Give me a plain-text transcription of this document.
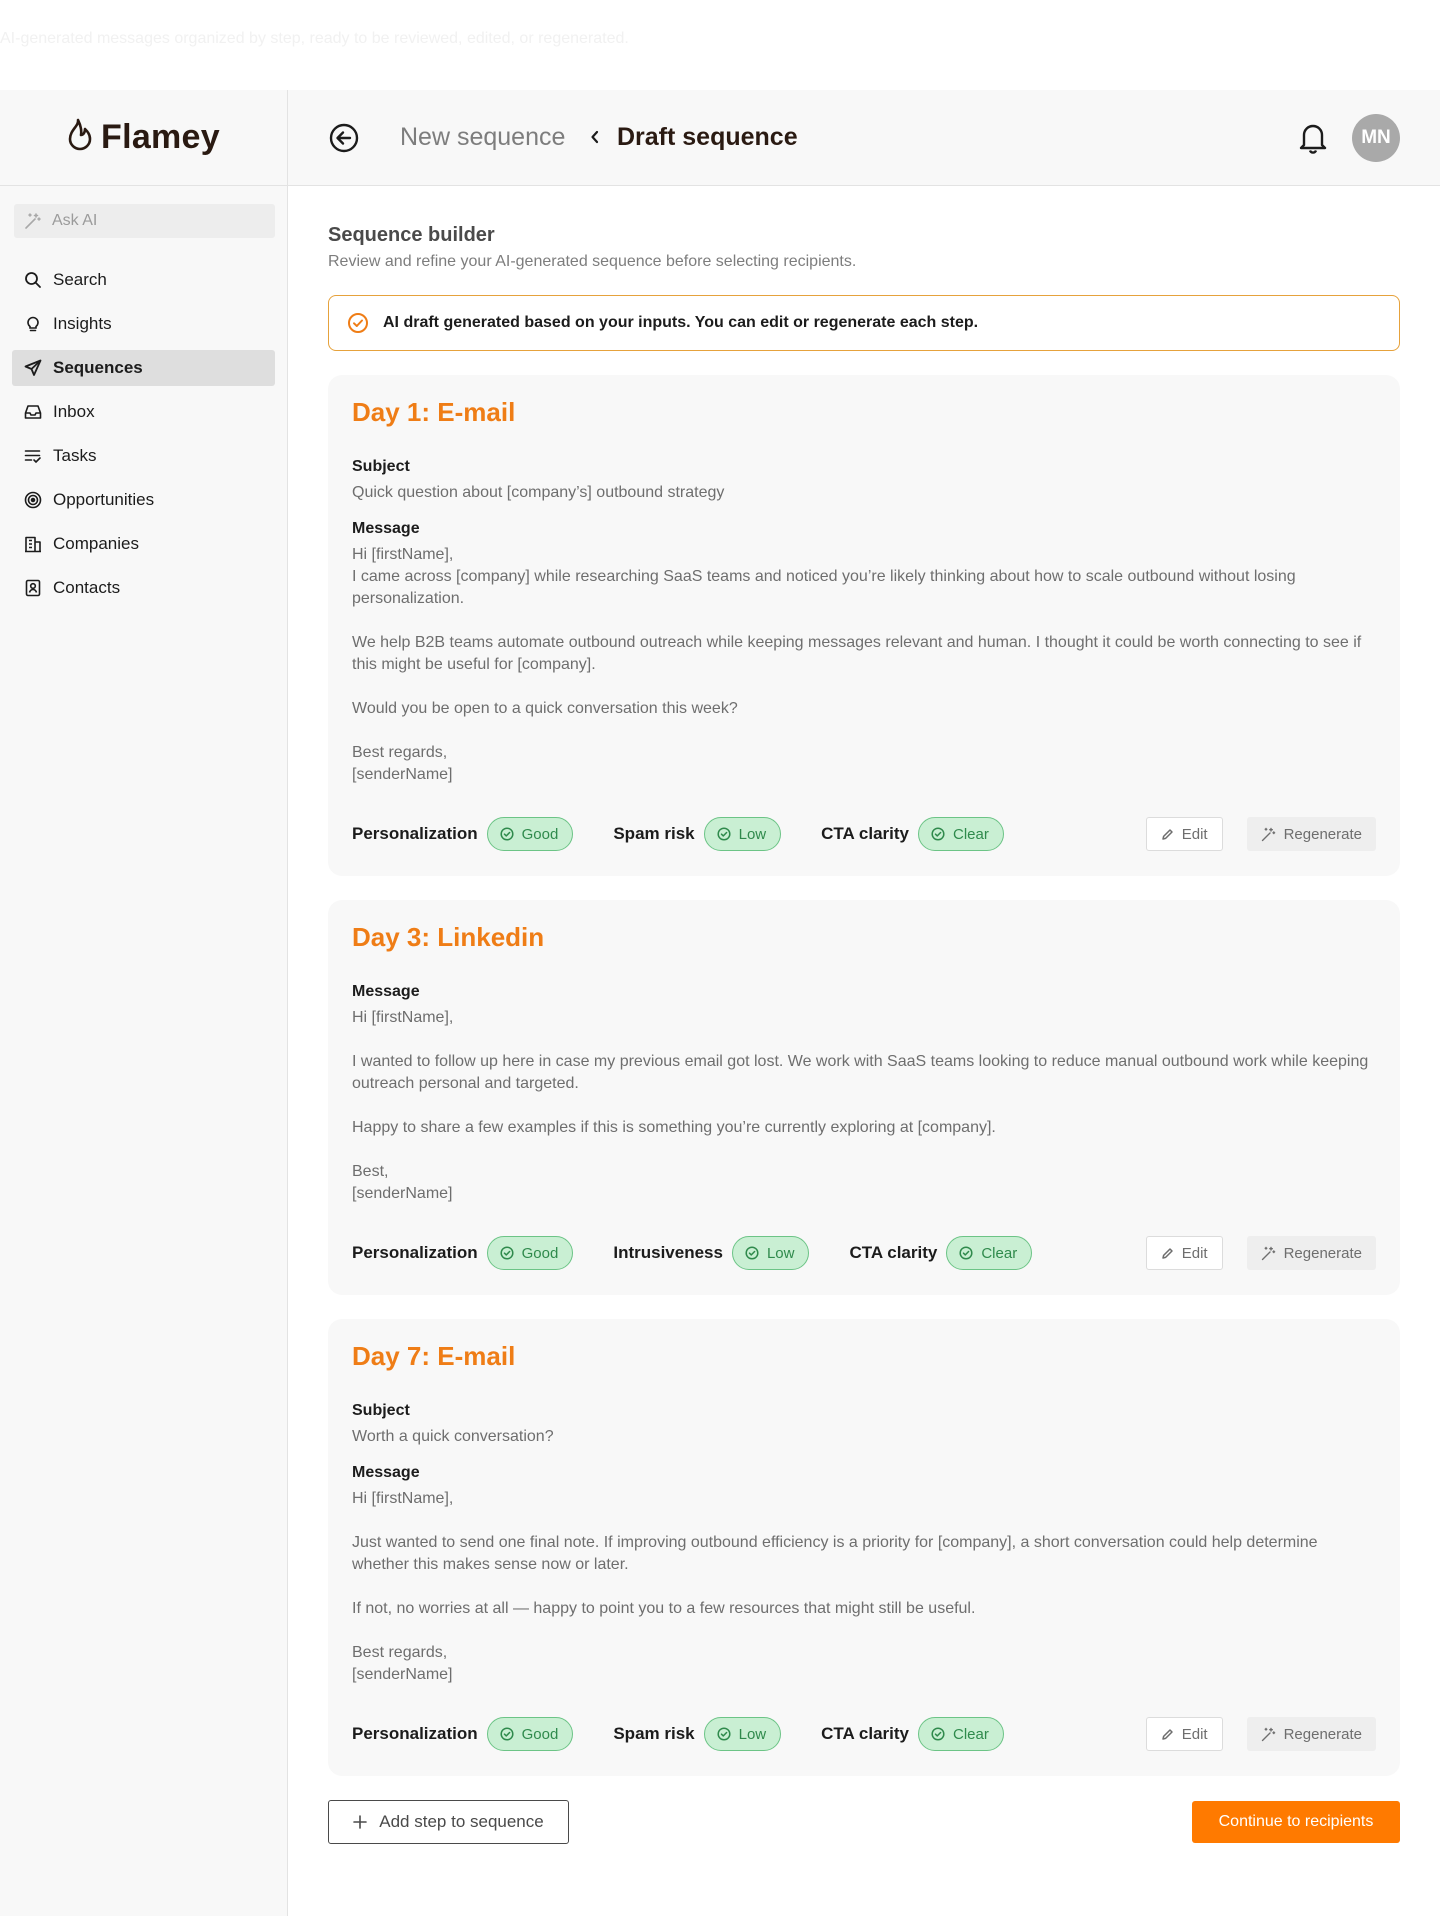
AI-generated messages organized by step, ready to be reviewed, edited, or regenerated.
Flamey
Ask AI
Search
Insights
Sequences
Inbox
Tasks
Opportunities
Companies
Contacts
New sequence Draft sequence	MN
Sequence builder
Review and refine your AI-generated sequence before selecting recipients.
AI draft generated based on your inputs. You can edit or regenerate each step.
Day 1: E-mail
Subject
Quick question about [company’s] outbound strategy
Message

Hi [firstName],
I came across [company] while researching SaaS teams and noticed you’re likely thinking about how to scale outbound without losing personalization.

We help B2B teams automate outbound outreach while keeping messages relevant and human. I thought it could be worth connecting to see if this might be useful for [company].

Would you be open to a quick conversation this week?

Best regards,
[senderName]

Personalization	Good	Spam risk	Low	CTA clarity	Clear	Edit	Regenerate
Day 3: Linkedin
Message

Hi [firstName],

I wanted to follow up here in case my previous email got lost. We work with SaaS teams looking to reduce manual outbound work while keeping outreach personal and targeted.

Happy to share a few examples if this is something you’re currently exploring at [company].

Best,
[senderName]

Personalization	Good	Intrusiveness	Low	CTA clarity	Clear	Edit	Regenerate
Day 7: E-mail
Subject
Worth a quick conversation?
Message

Hi [firstName],

Just wanted to send one final note. If improving outbound efficiency is a priority for [company], a short conversation could help determine whether this makes sense now or later.

If not, no worries at all — happy to point you to a few resources that might still be useful.

Best regards,
[senderName]

Personalization	Good	Spam risk	Low	CTA clarity	Clear	Edit	Regenerate
Add step to sequence	Continue to recipients
